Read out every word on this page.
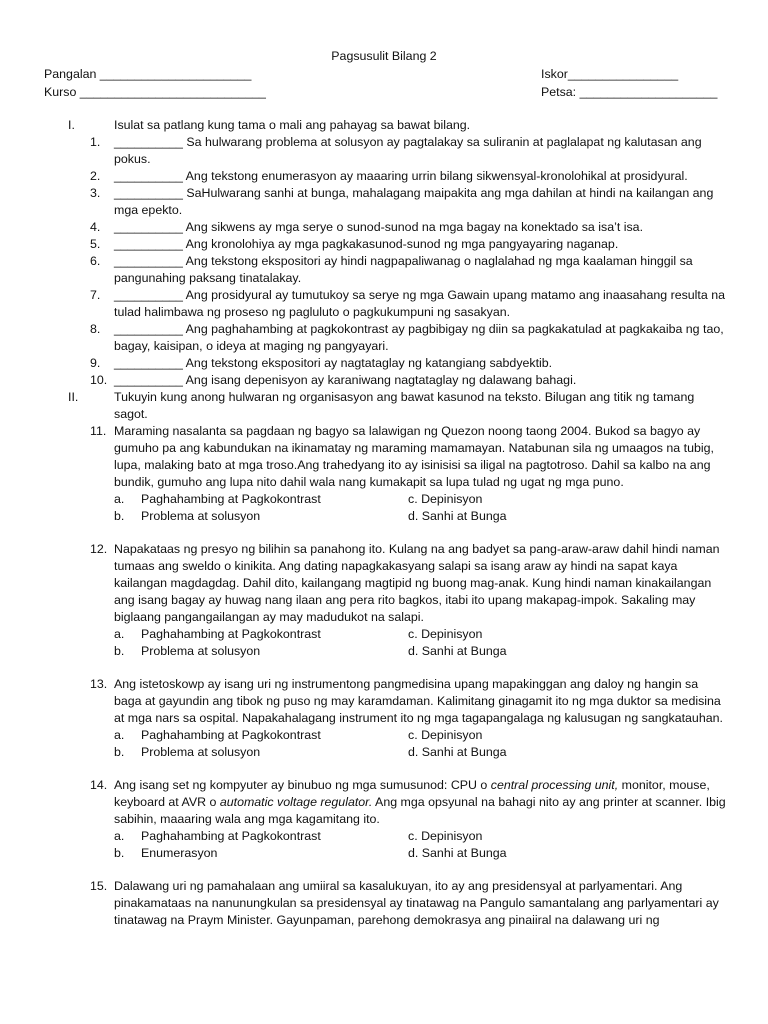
Pagsusulit Bilang 2
Pangalan ______________________
Kurso ___________________________
Iskor________________
Petsa: ____________________
I.	Isulat sa patlang kung tama o mali ang pahayag sa bawat bilang.
1.	__________ Sa hulwarang problema at solusyon ay pagtalakay sa suliranin at paglalapat ng kalutasan ang pokus.
2.	__________ Ang tekstong enumerasyon ay maaaring urrin bilang sikwensyal-kronolohikal at prosidyural.
3.	__________ SaHulwarang sanhi at bunga, mahalagang maipakita ang mga dahilan at hindi na kailangan ang mga epekto.
4.	__________ Ang sikwens ay mga serye o sunod-sunod na mga bagay na konektado sa isa’t isa.
5.	__________ Ang kronolohiya ay mga pagkakasunod-sunod ng mga pangyayaring naganap.
6.	__________ Ang tekstong ekspositori ay hindi nagpapaliwanag o naglalahad ng mga kaalaman hinggil sa pangunahing paksang tinatalakay.
7.	__________ Ang prosidyural ay tumutukoy sa serye ng mga Gawain upang matamo ang inaasahang resulta na tulad halimbawa ng proseso ng pagluluto o pagkukumpuni ng sasakyan.
8.	__________ Ang paghahambing at pagkokontrast ay pagbibigay ng diin sa pagkakatulad at pagkakaiba ng tao, bagay, kaisipan, o ideya at maging ng pangyayari.
9.	__________ Ang tekstong ekspositori ay nagtataglay ng katangiang sabdyektib.
10. __________ Ang isang depenisyon ay karaniwang nagtataglay ng dalawang bahagi.
II.	Tukuyin kung anong hulwaran ng organisasyon ang bawat kasunod na teksto. Bilugan ang titik ng tamang sagot.
11. Maraming nasalanta sa pagdaan ng bagyo sa lalawigan ng Quezon noong taong 2004. Bukod sa bagyo ay gumuho pa ang kabundukan na ikinamatay ng maraming mamamayan. Natabunan sila ng umaagos na tubig, lupa, malaking bato at mga troso.Ang trahedyang ito ay isinisisi sa iligal na pagtotroso. Dahil sa kalbo na ang bundik, gumuho ang lupa nito dahil wala nang kumakapit sa lupa tulad ng ugat ng mga puno.
a.	Paghahambing at Pagkokontrast	c. Depinisyon
b.	Problema at solusyon	d. Sanhi at Bunga
12. Napakataas ng presyo ng bilihin sa panahong ito. Kulang na ang badyet sa pang-araw-araw dahil hindi naman tumaas ang sweldo o kinikita. Ang dating napagkakasyang salapi sa isang araw ay hindi na sapat kaya kailangan magdagdag. Dahil dito, kailangang magtipid ng buong mag-anak. Kung hindi naman kinakailangan ang isang bagay ay huwag nang ilaan ang pera rito bagkos, itabi ito upang makapag-impok. Sakaling may biglaang pangangailangan ay may madudukot na salapi.
a.	Paghahambing at Pagkokontrast	c. Depinisyon
b.	Problema at solusyon	d. Sanhi at Bunga
13. Ang istetoskowp ay isang uri ng instrumentong pangmedisina upang mapakinggan ang daloy ng hangin sa baga at gayundin ang tibok ng puso ng may karamdaman. Kalimitang ginagamit ito ng mga duktor sa medisina at mga nars sa ospital. Napakahalagang instrument ito ng mga tagapangalaga ng kalusugan ng sangkatauhan.
a.	Paghahambing at Pagkokontrast	c. Depinisyon
b.	Problema at solusyon	d. Sanhi at Bunga
14. Ang isang set ng kompyuter ay binubuo ng mga sumusunod: CPU o central processing unit, monitor, mouse, keyboard at AVR o automatic voltage regulator. Ang mga opsyunal na bahagi nito ay ang printer at scanner. Ibig sabihin, maaaring wala ang mga kagamitang ito.
a.	Paghahambing at Pagkokontrast	c. Depinisyon
b.	Enumerasyon	d. Sanhi at Bunga
15. Dalawang uri ng pamahalaan ang umiiral sa kasalukuyan, ito ay ang presidensyal at parlyamentari. Ang pinakamataas na nanunungkulan sa presidensyal ay tinatawag na Pangulo samantalang ang parlyamentari ay tinatawag na Praym Minister. Gayunpaman, parehong demokrasya ang pinaiiral na dalawang uri ng
